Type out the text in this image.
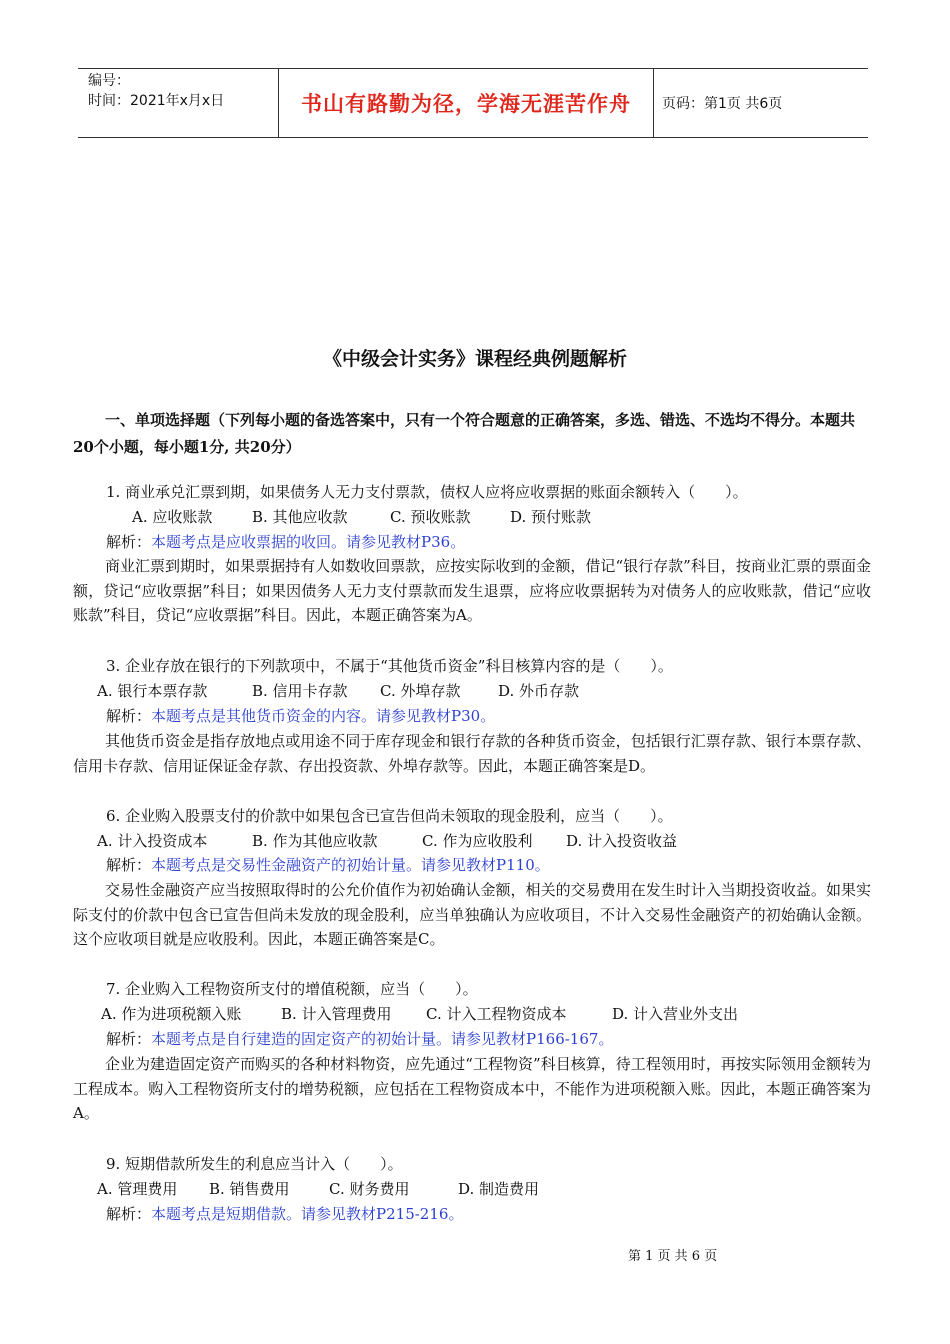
编号：
时间：2021年x月x日	书山有路勤为径，学海无涯苦作舟	页码：第1页 共6页
《中级会计实务》课程经典例题解析
一、单项选择题（下列每小题的备选答案中，只有一个符合题意的正确答案，多选、错选、不选均不得分。本题共20个小题，每小题1分, 共20分）
1. 商业承兑汇票到期，如果债务人无力支付票款，债权人应将应收票据的账面余额转入（　　）。
A. 应收账款	B. 其他应收款	C. 预收账款	D. 预付账款
解析：本题考点是应收票据的收回。请参见教材P36。
商业汇票到期时，如果票据持有人如数收回票款，应按实际收到的金额，借记“银行存款”科目，按商业汇票的票面金额，贷记“应收票据”科目；如果因债务人无力支付票款而发生退票，应将应收票据转为对债务人的应收账款，借记“应收账款”科目，贷记“应收票据”科目。因此，本题正确答案为A。
3. 企业存放在银行的下列款项中，不属于“其他货币资金”科目核算内容的是（　　）。
A. 银行本票存款	B. 信用卡存款 C. 外埠存款	D. 外币存款
解析：本题考点是其他货币资金的内容。请参见教材P30。
其他货币资金是指存放地点或用途不同于库存现金和银行存款的各种货币资金，包括银行汇票存款、银行本票存款、信用卡存款、信用证保证金存款、存出投资款、外埠存款等。因此，本题正确答案是D。
6. 企业购入股票支付的价款中如果包含已宣告但尚未领取的现金股利，应当（　　）。
A. 计入投资成本	B. 作为其他应收款	C. 作为应收股利 D. 计入投资收益
解析：本题考点是交易性金融资产的初始计量。请参见教材P110。
交易性金融资产应当按照取得时的公允价值作为初始确认金额，相关的交易费用在发生时计入当期投资收益。如果实际支付的价款中包含已宣告但尚未发放的现金股利，应当单独确认为应收项目，不计入交易性金融资产的初始确认金额。这个应收项目就是应收股利。因此，本题正确答案是C。
7. 企业购入工程物资所支付的增值税额，应当（　　）。
A. 作为进项税额入账	B. 计入管理费用 C. 计入工程物资成本	D. 计入营业外支出
解析：本题考点是自行建造的固定资产的初始计量。请参见教材P166-167。
企业为建造固定资产而购买的各种材料物资，应先通过“工程物资”科目核算，待工程领用时，再按实际领用金额转为工程成本。购入工程物资所支付的增势税额，应包括在工程物资成本中，不能作为进项税额入账。因此，本题正确答案为A。
9. 短期借款所发生的利息应当计入（　　）。
A. 管理费用 B. 销售费用	C. 财务费用	D. 制造费用
解析：本题考点是短期借款。请参见教材P215-216。
第 1 页 共 6 页
